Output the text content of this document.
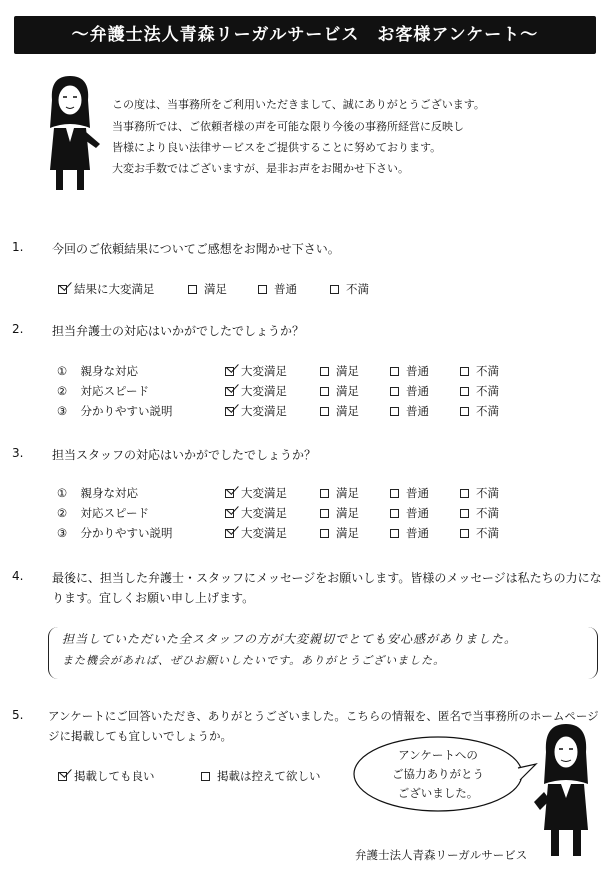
〜弁護士法人青森リーガルサービス　お客様アンケート〜
この度は、当事務所をご利用いただきまして、誠にありがとうございます。
当事務所では、ご依頼者様の声を可能な限り今後の事務所経営に反映し
皆様により良い法律サービスをご提供することに努めております。
大変お手数ではございますが、是非お声をお聞かせ下さい。
1. 今回のご依頼結果についてご感想をお聞かせ下さい。
結果に大変満足	満足	普通	不満
2. 担当弁護士の対応はいかがでしたでしょうか？
①　 親身な対応	大変満足	満足	普通	不満
②　 対応スピード	大変満足	満足	普通	不満
③　 分かりやすい説明	大変満足	満足	普通	不満
3. 担当スタッフの対応はいかがでしたでしょうか？
①　 親身な対応	大変満足	満足	普通	不満
②　 対応スピード	大変満足	満足	普通	不満
③　 分かりやすい説明	大変満足	満足	普通	不満
4. 最後に、担当した弁護士・スタッフにメッセージをお願いします。皆様のメッセージは私たちの力にな
ります。宜しくお願い申し上げます。
担当していただいた全スタッフの方が大変親切でとても安心感がありました。
また機会があれば、ぜひお願いしたいです。ありがとうございました。
5. アンケートにご回答いただき、ありがとうございました。こちらの情報を、匿名で当事務所のホームページ
ジに掲載しても宜しいでしょうか。
掲載しても良い	掲載は控えて欲しい
アンケートへの
ご協力ありがとう
ございました。
弁護士法人青森リーガルサービス
